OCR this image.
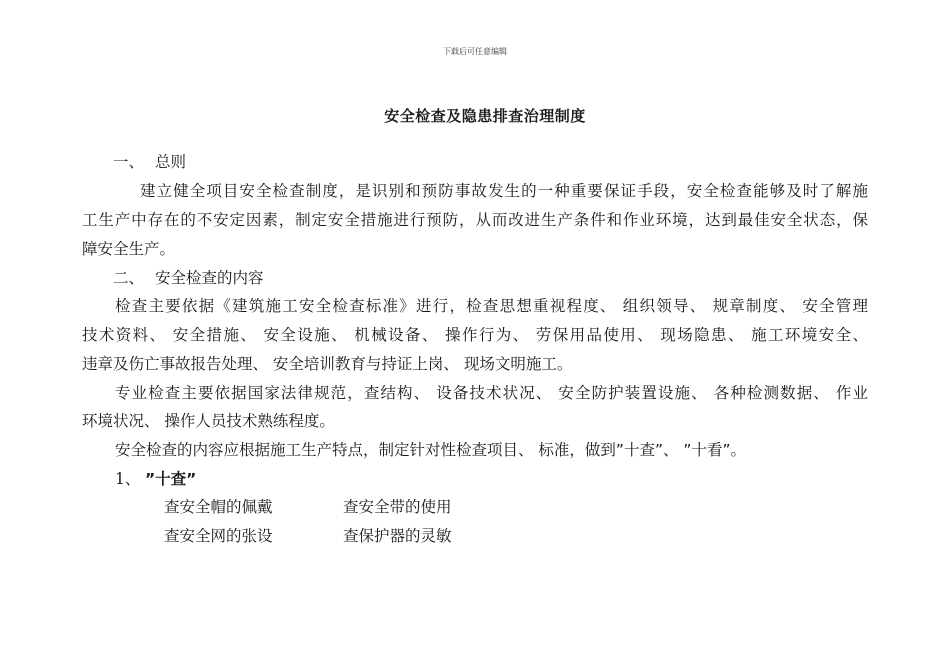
下载后可任意编辑
安全检查及隐患排查治理制度
一、 总则
建立健全项目安全检查制度，是识别和预防事故发生的一种重要保证手段，安全检查能够及时了解施
工生产中存在的不安定因素，制定安全措施进行预防，从而改进生产条件和作业环境，达到最佳安全状态，保
障安全生产。
二、 安全检查的内容
检查主要依据《建筑施工安全检查标准》进行，检查思想重视程度、 组织领导、 规章制度、 安全管理
技术资料、 安全措施、 安全设施、 机械设备、 操作行为、 劳保用品使用、 现场隐患、 施工环境安全、
违章及伤亡事故报告处理、 安全培训教育与持证上岗、 现场文明施工。
专业检查主要依据国家法律规范，查结构、 设备技术状况、 安全防护装置设施、 各种检测数据、 作业
环境状况、 操作人员技术熟练程度。
安全检查的内容应根据施工生产特点，制定针对性检查项目、 标准，做到”十查”、 ”十看”。
1、 ”十查”
查安全帽的佩戴	查安全带的使用
查安全网的张设	查保护器的灵敏
